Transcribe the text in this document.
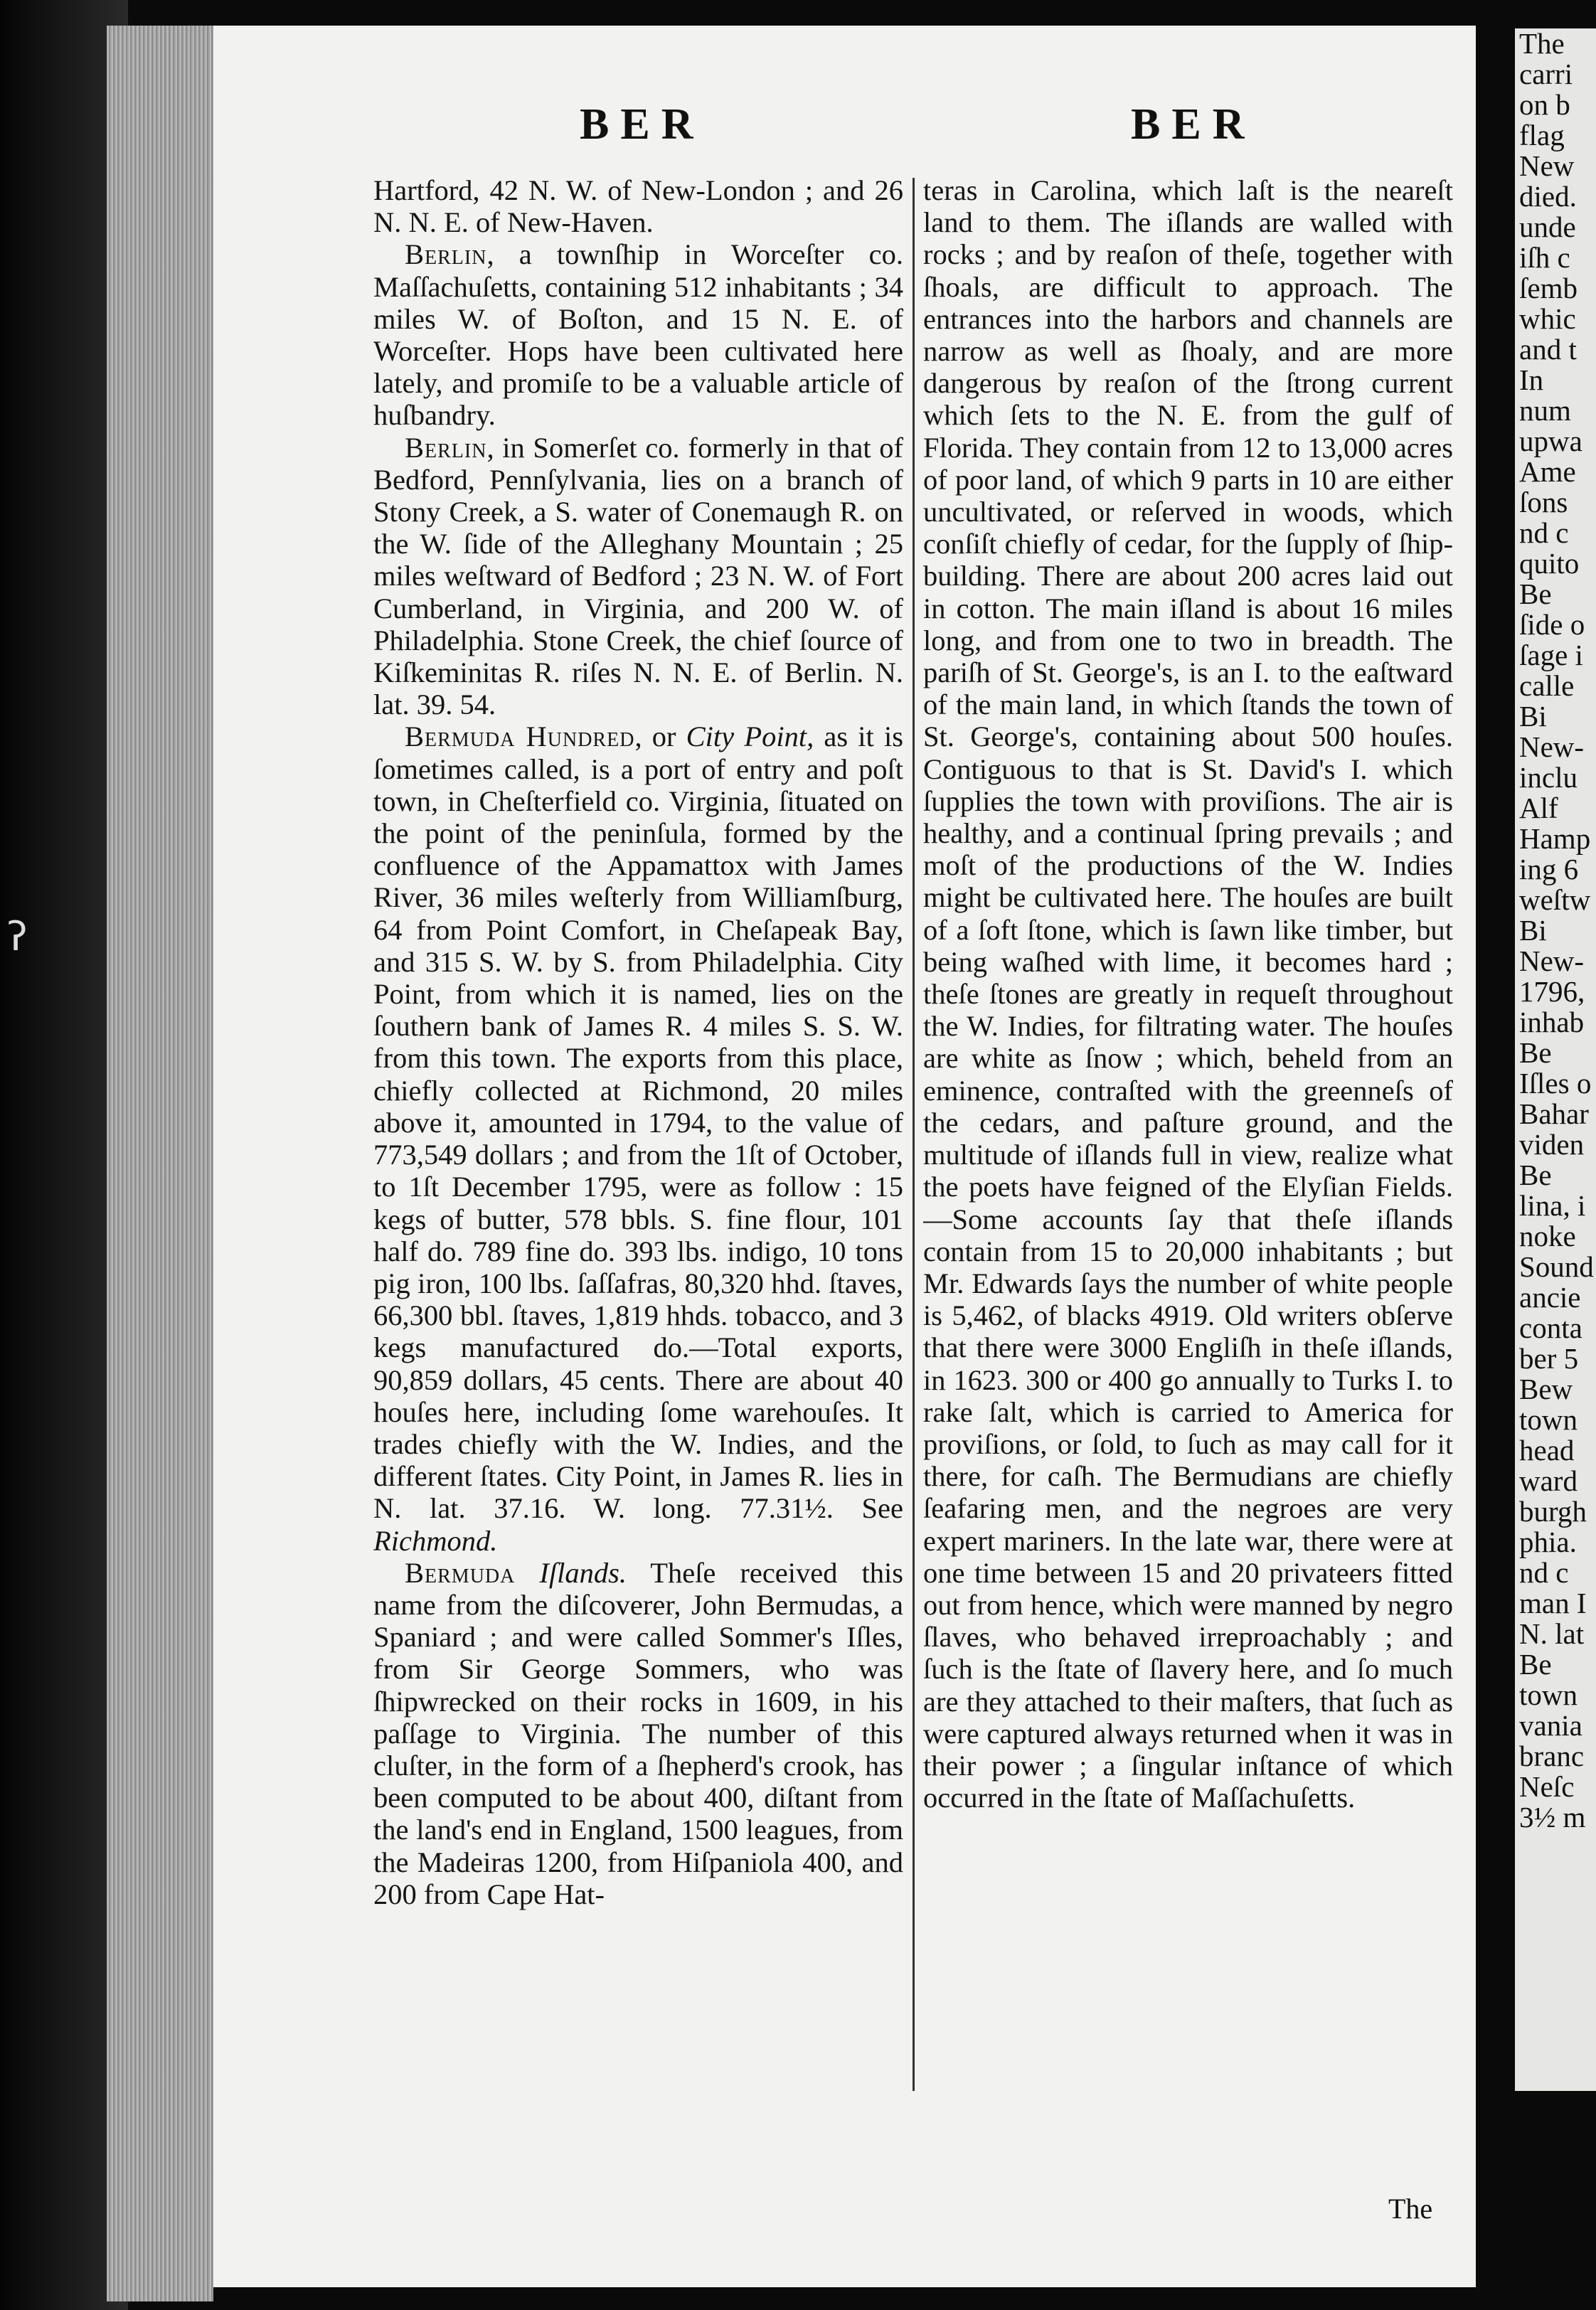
ʔ
BER	BER

Hartford, 42 N. W. of New-London ; and 26 N. N. E. of New-Haven.

Berlin, a townſhip in Worceſter co. Maſſachuſetts, containing 512 inhabitants ; 34 miles W. of Boſton, and 15 N. E. of Worceſter. Hops have been cultivated here lately, and promiſe to be a valuable article of huſbandry.

Berlin, in Somerſet co. formerly in that of Bedford, Pennſylvania, lies on a branch of Stony Creek, a S. water of Conemaugh R. on the W. ſide of the Alleghany Mountain ; 25 miles weſtward of Bedford ; 23 N. W. of Fort Cumberland, in Virginia, and 200 W. of Philadelphia. Stone Creek, the chief ſource of Kiſkeminitas R. riſes N. N. E. of Berlin. N. lat. 39. 54.

Bermuda Hundred, or City Point, as it is ſometimes called, is a port of entry and poſt town, in Cheſterfield co. Virginia, ſituated on the point of the peninſula, formed by the confluence of the Appamattox with James River, 36 miles weſterly from Williamſburg, 64 from Point Comfort, in Cheſapeak Bay, and 315 S. W. by S. from Philadelphia. City Point, from which it is named, lies on the ſouthern bank of James R. 4 miles S. S. W. from this town. The exports from this place, chiefly collected at Richmond, 20 miles above it, amounted in 1794, to the value of 773,549 dollars ; and from the 1ſt of October, to 1ſt December 1795, were as follow : 15 kegs of butter, 578 bbls. S. fine flour, 101 half do. 789 fine do. 393 lbs. indigo, 10 tons pig iron, 100 lbs. ſaſſafras, 80,320 hhd. ſtaves, 66,300 bbl. ſtaves, 1,819 hhds. tobacco, and 3 kegs manufactured do.—Total exports, 90,859 dollars, 45 cents. There are about 40 houſes here, including ſome warehouſes. It trades chiefly with the W. Indies, and the different ſtates. City Point, in James R. lies in N. lat. 37.16. W. long. 77.31½. See Richmond.

Bermuda Iſlands. Theſe received this name from the diſcoverer, John Bermudas, a Spaniard ; and were called Sommer's Iſles, from Sir George Sommers, who was ſhipwrecked on their rocks in 1609, in his paſſage to Virginia. The number of this cluſter, in the form of a ſhepherd's crook, has been computed to be about 400, diſtant from the land's end in England, 1500 leagues, from the Madeiras 1200, from Hiſpaniola 400, and 200 from Cape Hat-

teras in Carolina, which laſt is the neareſt land to them. The iſlands are walled with rocks ; and by reaſon of theſe, together with ſhoals, are difficult to approach. The entrances into the harbors and channels are narrow as well as ſhoaly, and are more dangerous by reaſon of the ſtrong current which ſets to the N. E. from the gulf of Florida. They contain from 12 to 13,000 acres of poor land, of which 9 parts in 10 are either uncultivated, or reſerved in woods, which conſiſt chiefly of cedar, for the ſupply of ſhip-building. There are about 200 acres laid out in cotton. The main iſland is about 16 miles long, and from one to two in breadth. The pariſh of St. George's, is an I. to the eaſtward of the main land, in which ſtands the town of St. George's, containing about 500 houſes. Contiguous to that is St. David's I. which ſupplies the town with proviſions. The air is healthy, and a continual ſpring prevails ; and moſt of the productions of the W. Indies might be cultivated here. The houſes are built of a ſoft ſtone, which is ſawn like timber, but being waſhed with lime, it becomes hard ; theſe ſtones are greatly in requeſt throughout the W. Indies, for filtrating water. The houſes are white as ſnow ; which, beheld from an eminence, contraſted with the greenneſs of the cedars, and paſture ground, and the multitude of iſlands full in view, realize what the poets have feigned of the Elyſian Fields.—Some accounts ſay that theſe iſlands contain from 15 to 20,000 inhabitants ; but Mr. Edwards ſays the number of white people is 5,462, of blacks 4919. Old writers obſerve that there were 3000 Engliſh in theſe iſlands, in 1623. 300 or 400 go annually to Turks I. to rake ſalt, which is carried to America for proviſions, or ſold, to ſuch as may call for it there, for caſh. The Bermudians are chiefly ſeafaring men, and the negroes are very expert mariners. In the late war, there were at one time between 15 and 20 privateers fitted out from hence, which were manned by negro ſlaves, who behaved irreproachably ; and ſuch is the ſtate of ſlavery here, and ſo much are they attached to their maſters, that ſuch as were captured always returned when it was in their power ; a ſingular inſtance of which occurred in the ſtate of Maſſachuſetts.

The
The
carri
on b
flag
New
died.
unde
iſh c
ſemb
whic
and t
In
num
upwa
Ame
ſons
nd c
quito
Be
ſide o
ſage i
calle
Bi
New-
inclu
Alf
Hamp
ing 6
weſtw
Bi
New-
1796,
inhab
Be
Iſles o
Bahar
viden
Be
lina, i
noke
Sound
ancie
conta
ber 5
Bew
town
head
ward
burgh
phia.
nd c
man I
N. lat
Be
town
vania
branc
Neſc
3½ m
